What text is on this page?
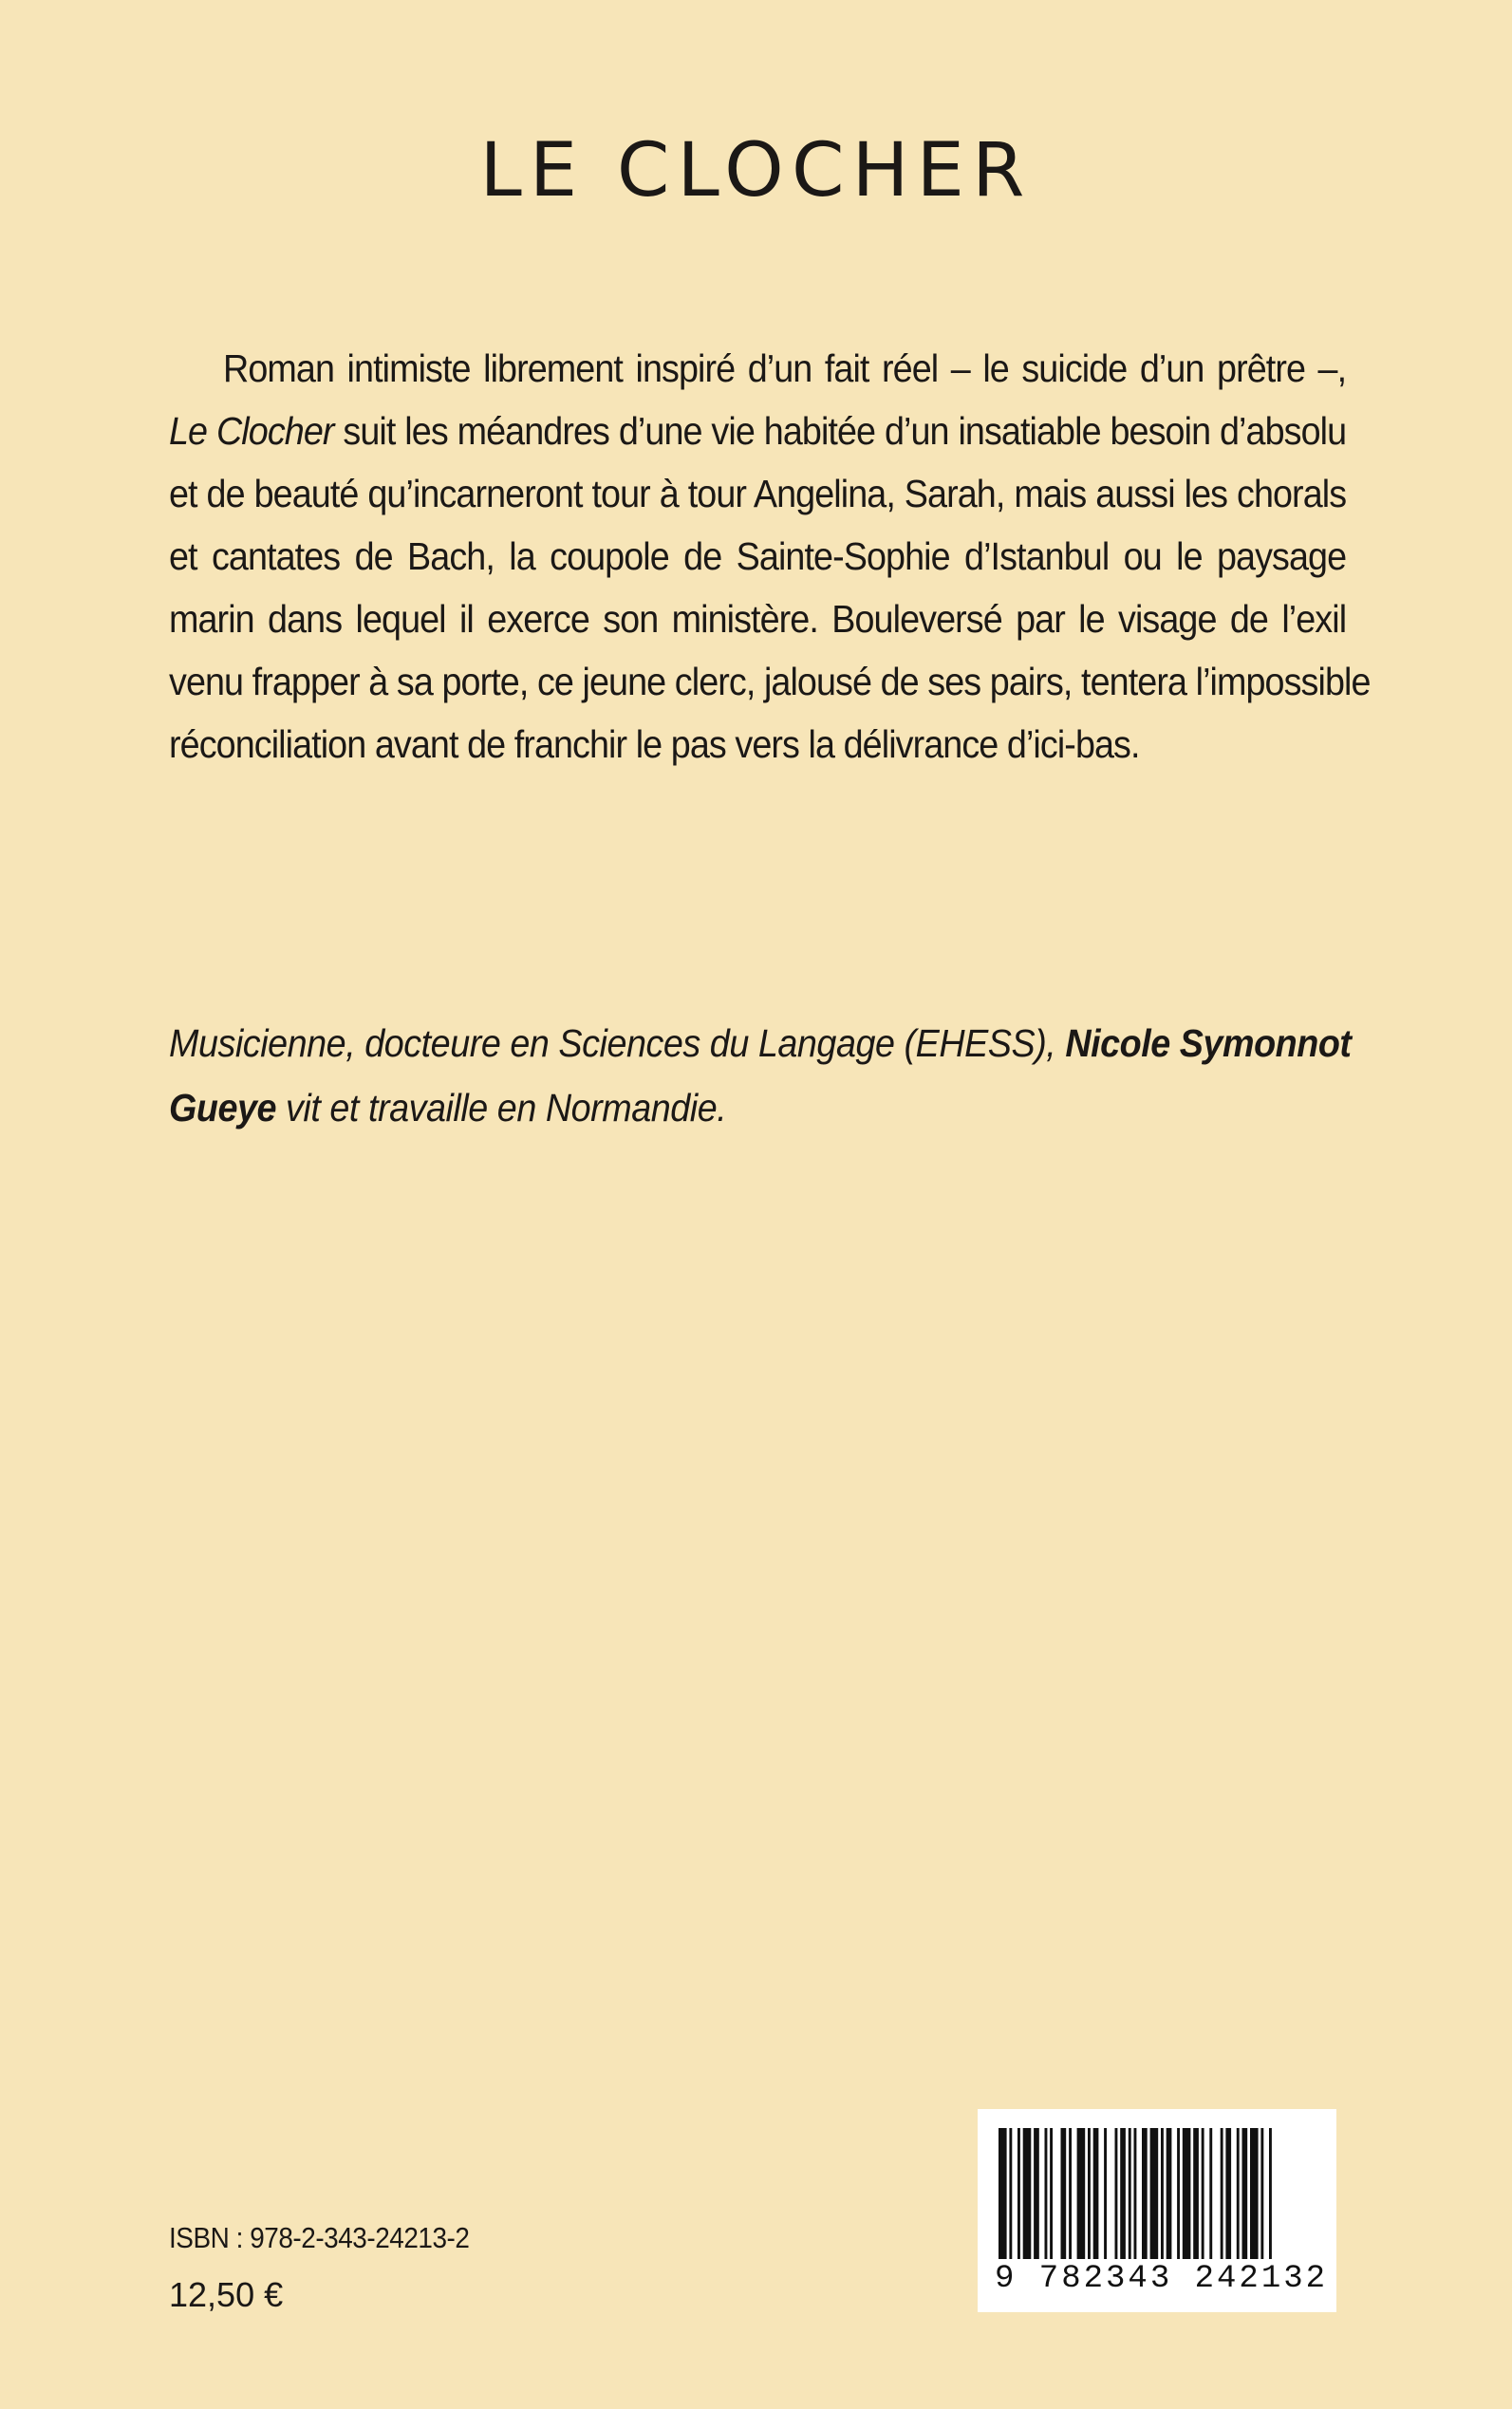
LE CLOCHER
Roman intimiste librement inspiré d’un fait réel – le suicide d’un prêtre –,
Le Clocher suit les méandres d’une vie habitée d’un insatiable besoin d’absolu
et de beauté qu’incarneront tour à tour Angelina, Sarah, mais aussi les chorals
et cantates de Bach, la coupole de Sainte-Sophie d’Istanbul ou le paysage
marin dans lequel il exerce son ministère. Bouleversé par le visage de l’exil
venu frapper à sa porte, ce jeune clerc, jalousé de ses pairs, tentera l’impossible
réconciliation avant de franchir le pas vers la délivrance d’ici-bas.
Musicienne, docteure en Sciences du Langage (EHESS), Nicole Symonnot
Gueye vit et travaille en Normandie.
ISBN : 978-2-343-24213-2
12,50 €	9 782343 242132
